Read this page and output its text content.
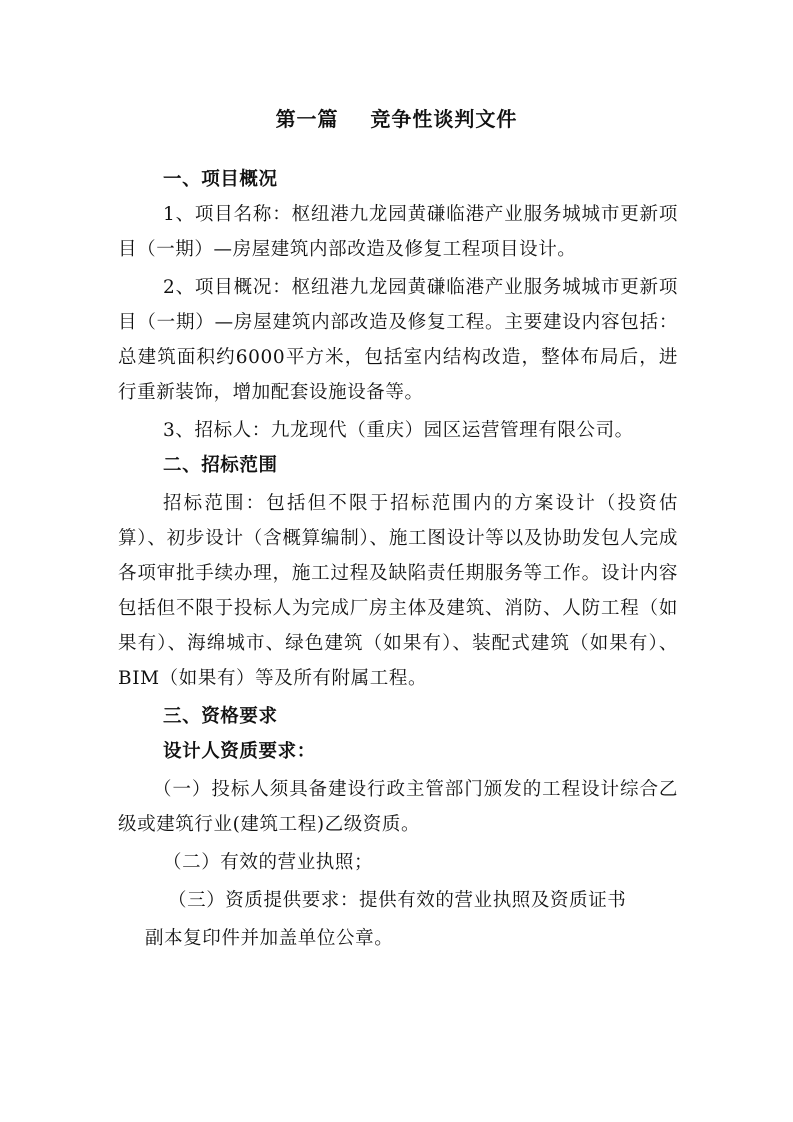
第一篇    竞争性谈判文件

一、项目概况

1、项目名称：枢纽港九龙园黄磏临港产业服务城城市更新项目（一期）—房屋建筑内部改造及修复工程项目设计。

2、项目概况：枢纽港九龙园黄磏临港产业服务城城市更新项目（一期）—房屋建筑内部改造及修复工程。主要建设内容包括：总建筑面积约6000平方米，包括室内结构改造，整体布局后，进行重新装饰，增加配套设施设备等。

3、招标人：九龙现代（重庆）园区运营管理有限公司。

二、招标范围

招标范围：包括但不限于招标范围内的方案设计（投资估算）、初步设计（含概算编制）、施工图设计等以及协助发包人完成各项审批手续办理，施工过程及缺陷责任期服务等工作。设计内容包括但不限于投标人为完成厂房主体及建筑、消防、人防工程（如果有）、海绵城市、绿色建筑（如果有）、装配式建筑（如果有）、BIM（如果有）等及所有附属工程。

三、资格要求

设计人资质要求：

（一）投标人须具备建设行政主管部门颁发的工程设计综合乙级或建筑行业(建筑工程)乙级资质。

（二）有效的营业执照；

（三）资质提供要求：提供有效的营业执照及资质证书

副本复印件并加盖单位公章。
